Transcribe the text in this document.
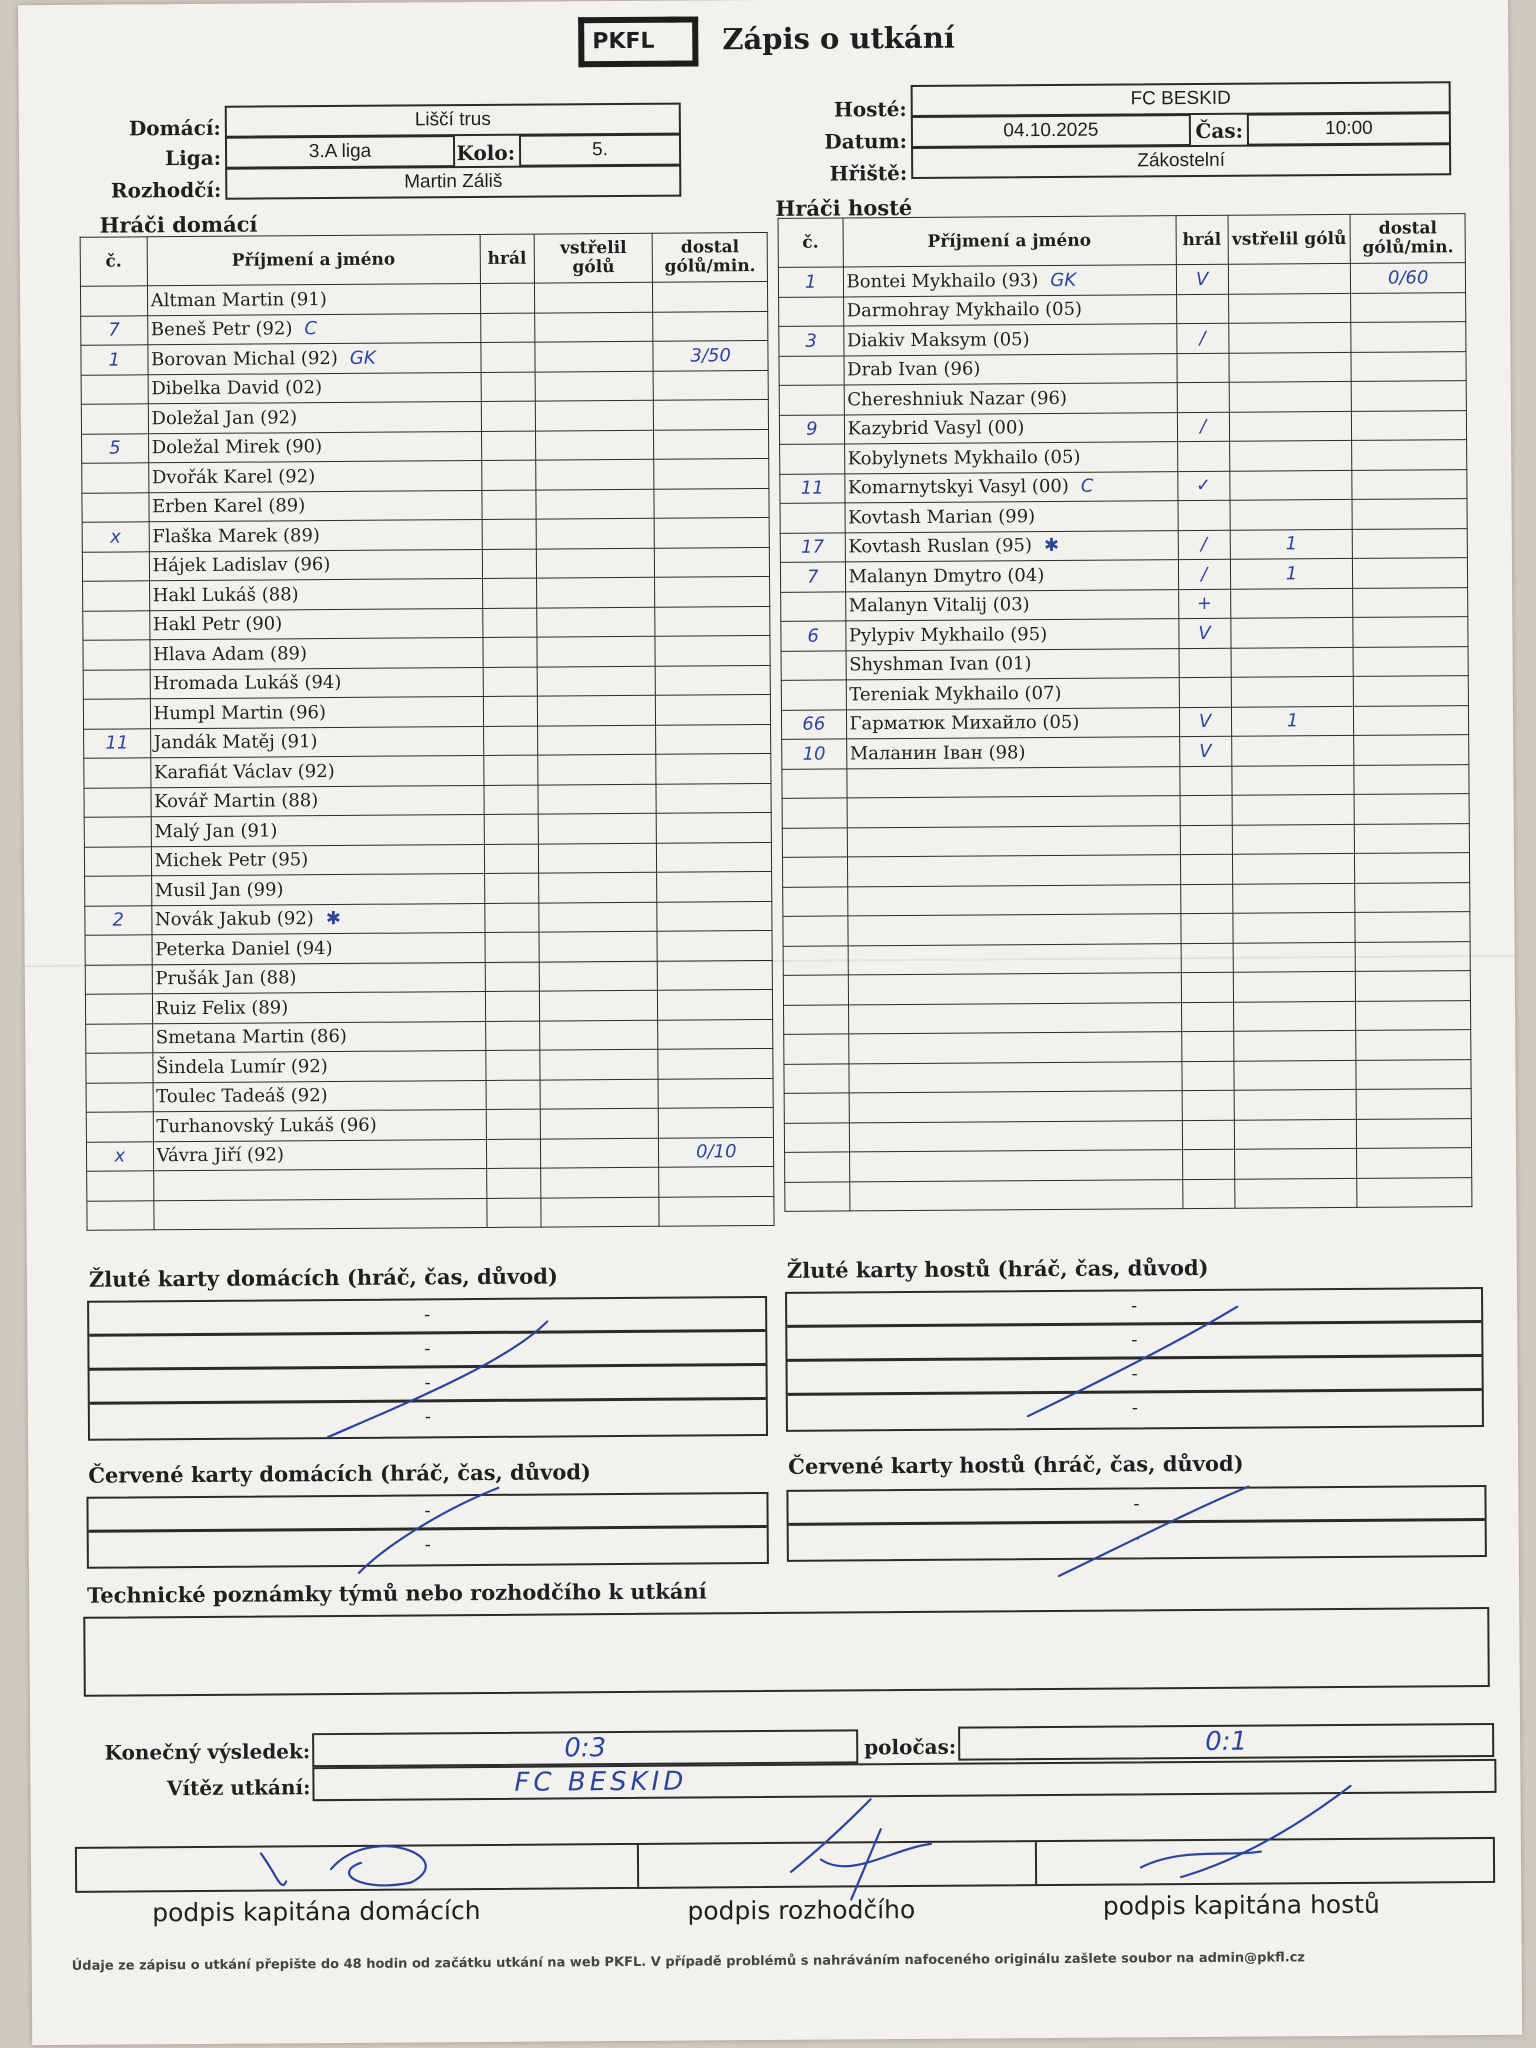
PKFL Zápis o utkání
Domácí:	Liščí trus
Liga:	3.A liga	Kolo:	5.
Rozhodčí:	Martin Záliš
Hosté:	FC BESKID
Datum:	04.10.2025	Čas:	10:00
Hřiště:
Zákostelní
Hráči domácí
Hráči hosté
č.	Příjmení a jméno	hrál	vstřelil gólů	dostal gólů/min.
	Altman Martin (91)			
7	Beneš Petr (92) C			
1	Borovan Michal (92) GK			3/50
	Dibelka David (02)			
	Doležal Jan (92)			
5	Doležal Mirek (90)			
	Dvořák Karel (92)			
	Erben Karel (89)			
x	Flaška Marek (89)			
	Hájek Ladislav (96)			
	Hakl Lukáš (88)			
	Hakl Petr (90)			
	Hlava Adam (89)			
	Hromada Lukáš (94)			
	Humpl Martin (96)			
11	Jandák Matěj (91)			
	Karafiát Václav (92)			
	Kovář Martin (88)			
	Malý Jan (91)			
	Michek Petr (95)			
	Musil Jan (99)			
2	Novák Jakub (92) ✱			
	Peterka Daniel (94)			
	Prušák Jan (88)			
	Ruiz Felix (89)			
	Smetana Martin (86)			
	Šindela Lumír (92)			
	Toulec Tadeáš (92)			
	Turhanovský Lukáš (96)			
x	Vávra Jiří (92)			0/10

č.	Příjmení a jméno	hrál	vstřelil gólů	dostal gólů/min.
1	Bontei Mykhailo (93) GK	V		0/60
	Darmohray Mykhailo (05)			
3	Diakiv Maksym (05)	/		
	Drab Ivan (96)			
	Chereshniuk Nazar (96)			
9	Kazybrid Vasyl (00)	/		
	Kobylynets Mykhailo (05)			
11	Komarnytskyi Vasyl (00) C	✓		
	Kovtash Marian (99)			
17	Kovtash Ruslan (95) ✱	/	1	
7	Malanyn Dmytro (04)	/	1	
	Malanyn Vitalij (03)	+		
6	Pylypiv Mykhailo (95)	V		
	Shyshman Ivan (01)			
	Tereniak Mykhailo (07)			
66	Гарматюк Михайло (05)	V	1	
10	Маланин Іван (98)	V		

Žluté karty domácích (hráč, čas, důvod)	Žluté karty hostů (hráč, čas, důvod)
-
-
-
-
-
-
-
-
Červené karty domácích (hráč, čas, důvod)	Červené karty hostů (hráč, čas, důvod)
-
-
-
-
Technické poznámky týmů nebo rozhodčího k utkání
Konečný výsledek:	0:3	poločas:	0:1
Vítěz utkání:	FC BESKID
podpis kapitána domácích	podpis rozhodčího	podpis kapitána hostů
Údaje ze zápisu o utkání přepište do 48 hodin od začátku utkání na web PKFL. V případě problémů s nahráváním nafoceného originálu zašlete soubor na admin@pkfl.cz
